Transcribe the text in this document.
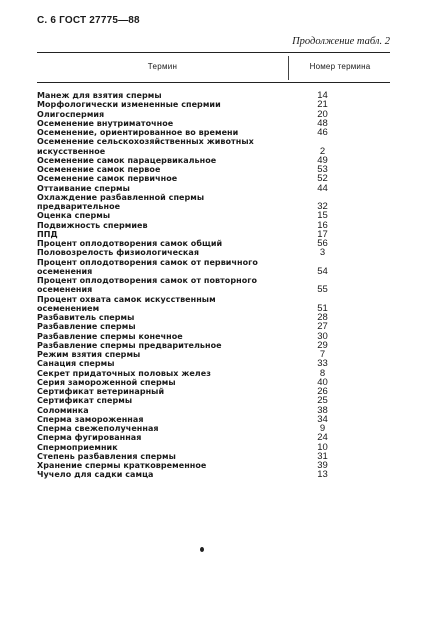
С. 6 ГОСТ 27775—88
Продолжение табл. 2
Термин	Номер термина
Манеж для взятия спермы	14
Морфологически измененные спермии	21
Олигоспермия	20
Осеменение внутриматочное	48
Осеменение, ориентированное во времени	46
Осеменение сельскохозяйственных животных
искусственное	2
Осеменение самок парацервикальное	49
Осеменение самок первое	53
Осеменение самок первичное	52
Оттаивание спермы	44
Охлаждение разбавленной спермы
предварительное	32
Оценка спермы	15
Подвижность спермиев	16
ППД	17
Процент оплодотворения самок общий	56
Половозрелость физиологическая	3
Процент оплодотворения самок от первичного
осеменения	54
Процент оплодотворения самок от повторного
осеменения	55
Процент охвата самок искусственным осеменением	51
Разбавитель спермы	28
Разбавление спермы	27
Разбавление спермы конечное	30
Разбавление спермы предварительное	29
Режим взятия спермы	7
Санация спермы	33
Секрет придаточных половых желез	8
Серия замороженной спермы	40
Сертификат ветеринарный	26
Сертификат спермы	25
Соломинка	38
Сперма замороженная	34
Сперма свежеполученная	9
Сперма фугированная	24
Спермоприемник	10
Степень разбавления спермы	31
Хранение спермы кратковременное	39
Чучело для садки самца	13
